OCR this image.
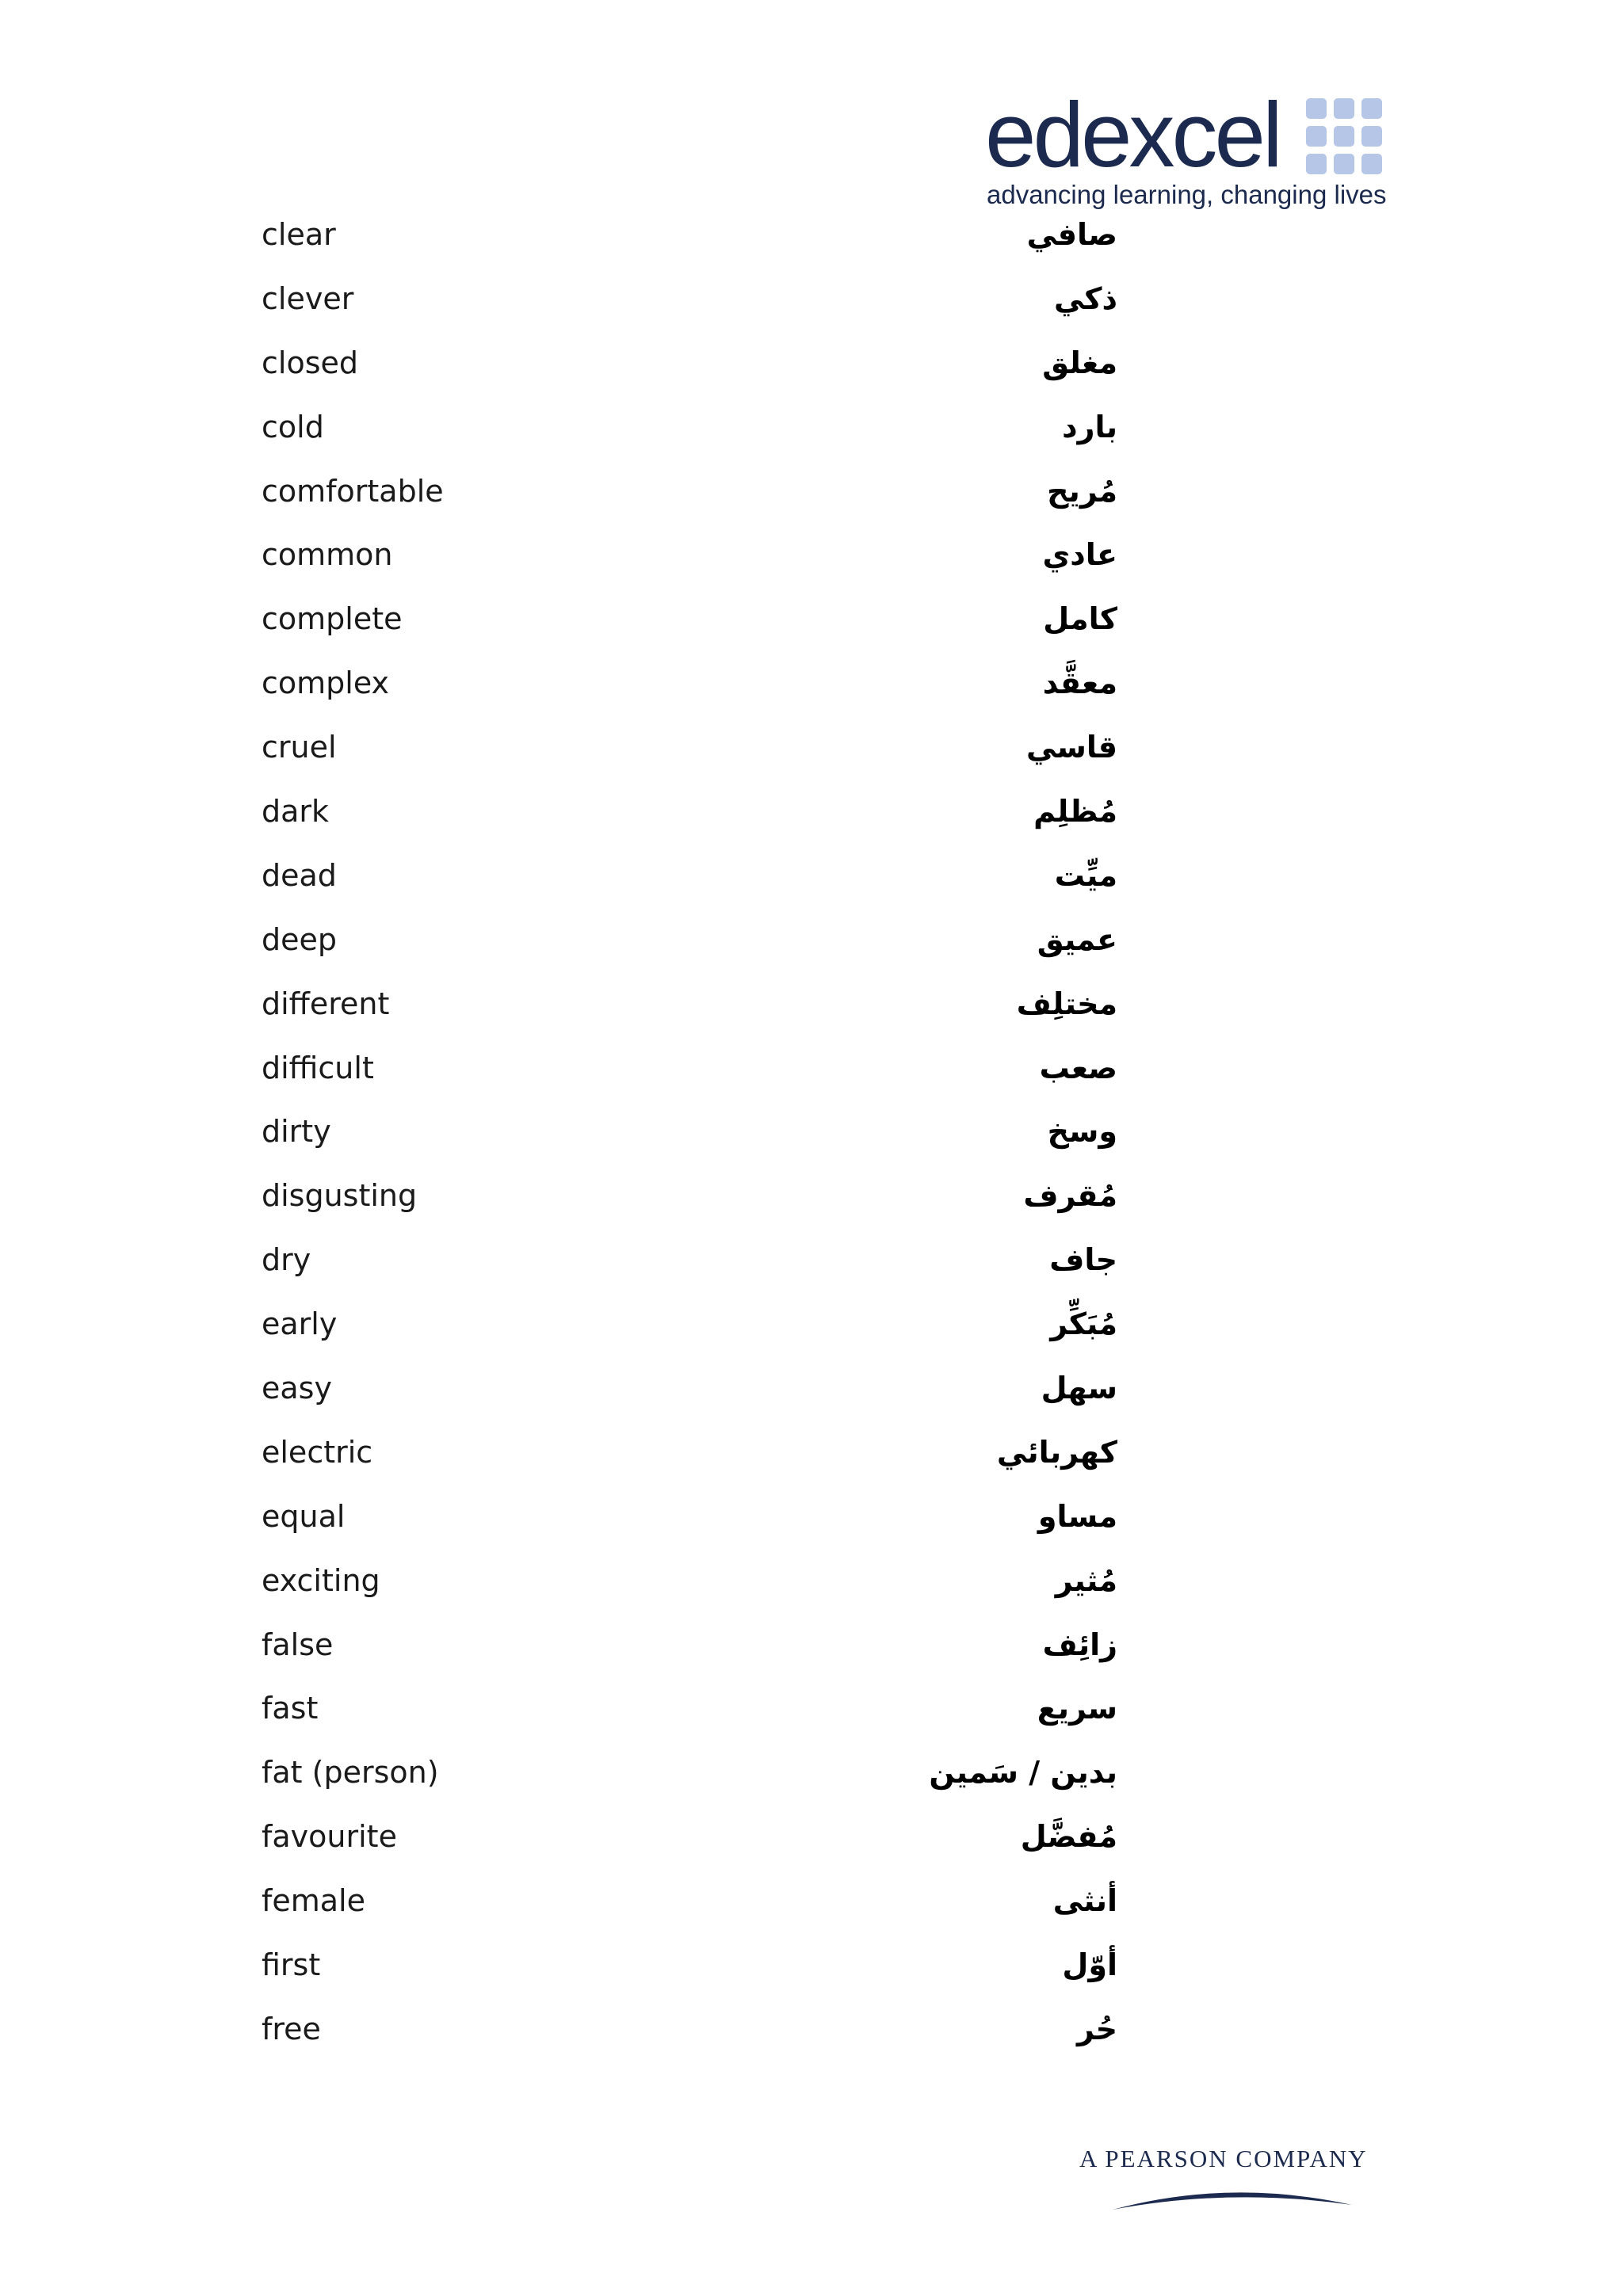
edexcel
advancing learning, changing lives
clear	صافي
clever	ذكي
closed	مغلق
cold	بارد
comfortable	مُريح
common	عادي
complete	كامل
complex	معقَّد
cruel	قاسي
dark	مُظلِم
dead	ميِّت
deep	عميق
different	مختلِف
difficult	صعب
dirty	وسخ
disgusting	مُقرف
dry	جاف
early	مُبَكِّر
easy	سهل
electric	كهربائي
equal	مساو
exciting	مُثير
false	زائِف
fast	سريع
fat (person)	بدين / سَمين
favourite	مُفضَّل
female	أنثى
first	أوّل
free	حُر
A PEARSON COMPANY
